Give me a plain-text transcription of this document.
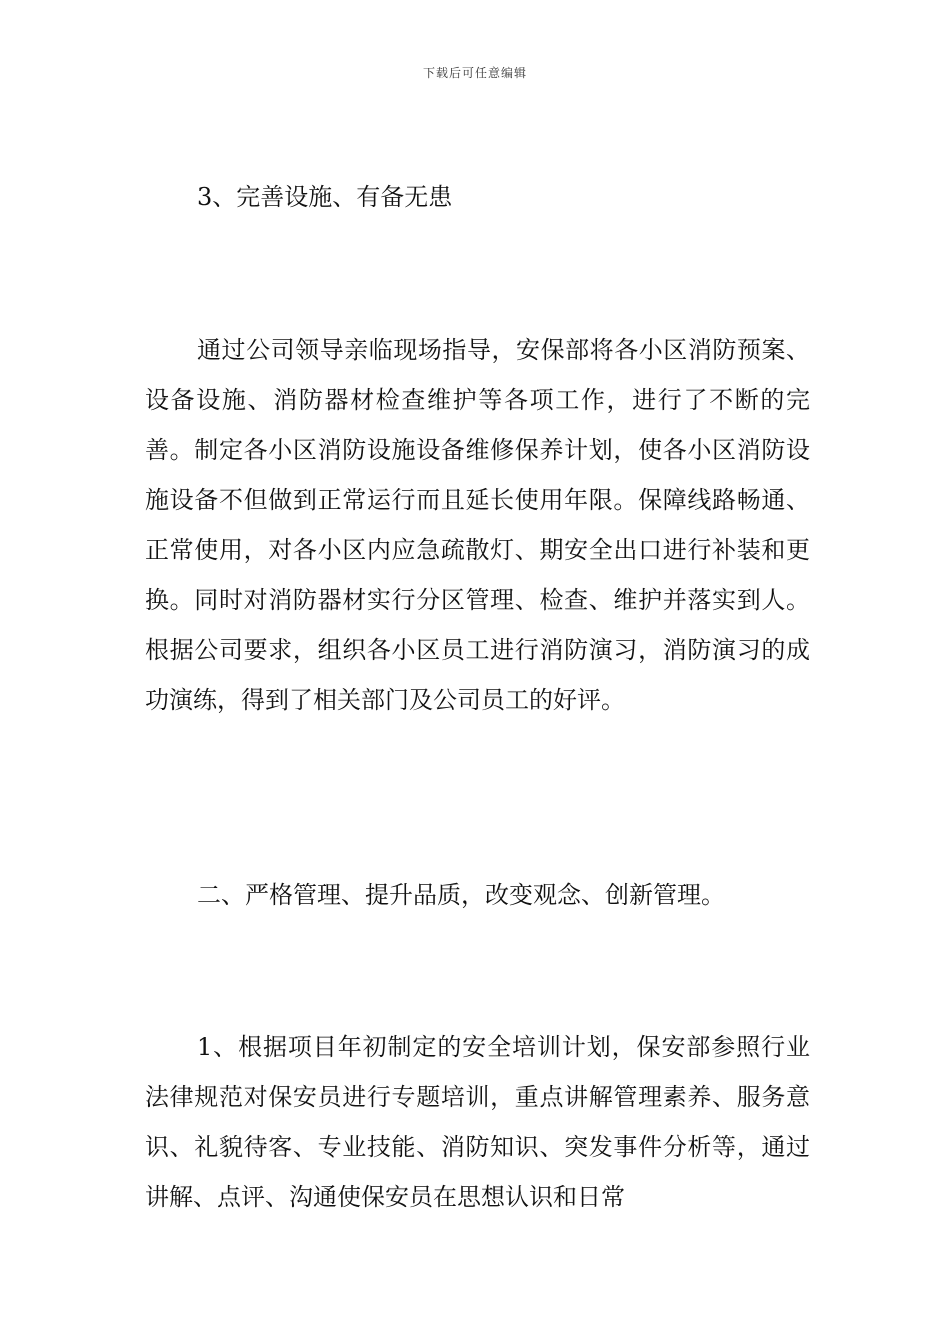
下载后可任意编辑

3、完善设施、有备无患

通过公司领导亲临现场指导，安保部将各小区消防预案、设备设施、消防器材检查维护等各项工作，进行了不断的完善。制定各小区消防设施设备维修保养计划，使各小区消防设施设备不但做到正常运行而且延长使用年限。保障线路畅通、正常使用，对各小区内应急疏散灯、期安全出口进行补装和更换。同时对消防器材实行分区管理、检查、维护并落实到人。根据公司要求，组织各小区员工进行消防演习，消防演习的成功演练，得到了相关部门及公司员工的好评。

二、严格管理、提升品质，改变观念、创新管理。

1、根据项目年初制定的安全培训计划，保安部参照行业法律规范对保安员进行专题培训，重点讲解管理素养、服务意识、礼貌待客、专业技能、消防知识、突发事件分析等，通过讲解、点评、沟通使保安员在思想认识和日常
